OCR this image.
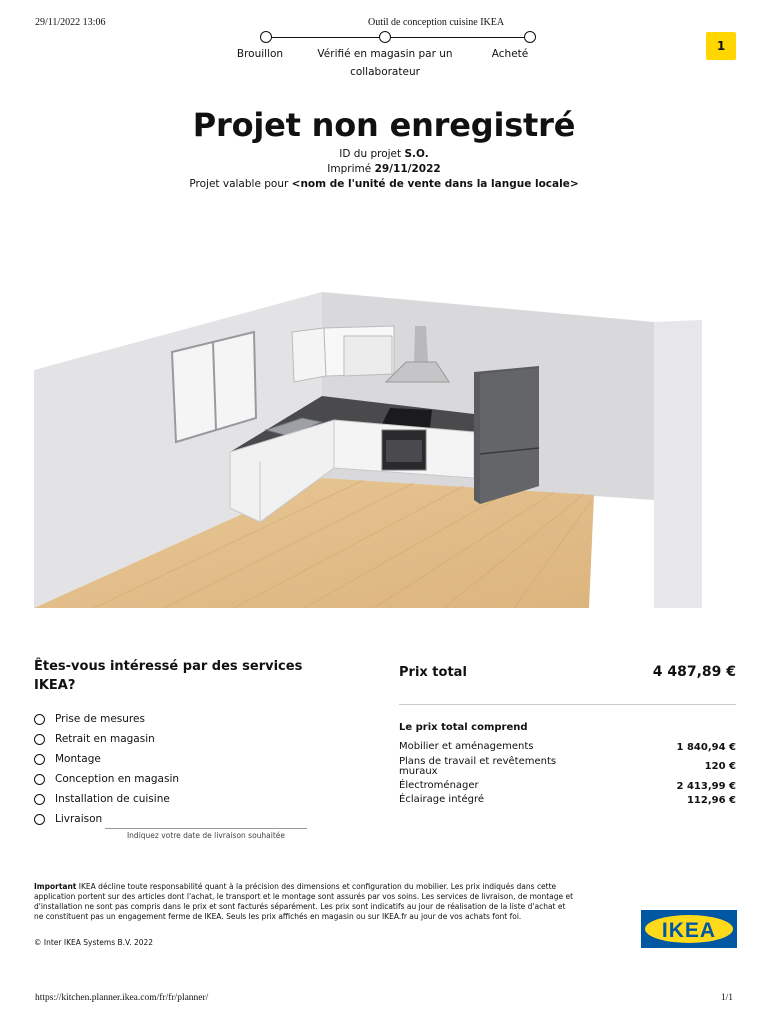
29/11/2022 13:06	Outil de conception cuisine IKEA
Brouillon	Vérifié en magasin par un collaborateur
Acheté
1
Projet non enregistré
ID du projet S.O.
Imprimé 29/11/2022
Projet valable pour <nom de l'unité de vente dans la langue locale>
Êtes-vous intéressé par des services IKEA?
Prise de mesures
Retrait en magasin
Montage
Conception en magasin
Installation de cuisine
Livraison
Indiquez votre date de livraison souhaitée
Prix total	4 487,89 €
Le prix total comprend
Mobilier et aménagements	1 840,94 €
Plans de travail et revêtements muraux	120 €
Électroménager	2 413,99 €
Éclairage intégré	112,96 €
Important IKEA décline toute responsabilité quant à la précision des dimensions et configuration du mobilier. Les prix indiqués dans cette application portent sur des articles dont l'achat, le transport et le montage sont assurés par vos soins. Les services de livraison, de montage et d'installation ne sont pas compris dans le prix et sont facturés séparément. Les prix sont indicatifs au jour de réalisation de la liste d'achat et ne constituent pas un engagement ferme de IKEA. Seuls les prix affichés en magasin ou sur IKEA.fr au jour de vos achats font foi.
© Inter IKEA Systems B.V. 2022
IKEA
https://kitchen.planner.ikea.com/fr/fr/planner/	1/1
